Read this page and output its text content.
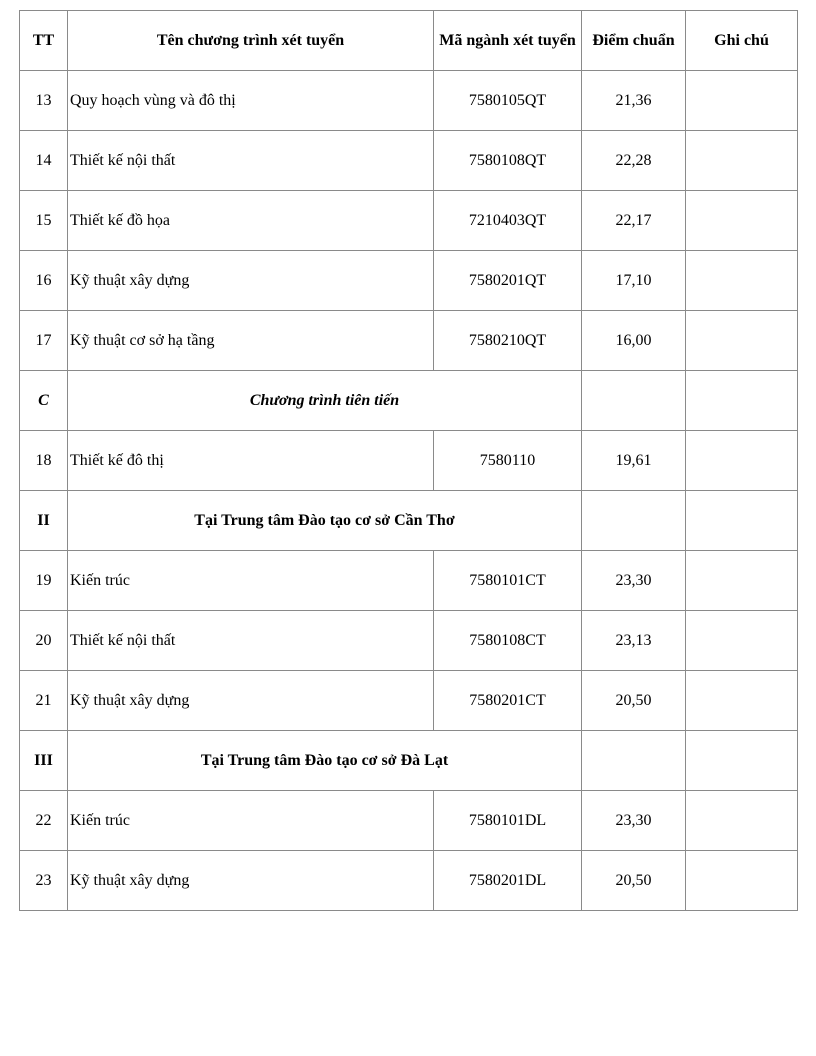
TT	Tên chương trình xét tuyển	Mã ngành xét tuyển	Điểm chuẩn	Ghi chú
13	Quy hoạch vùng và đô thị	7580105QT	21,36	
14	Thiết kế nội thất	7580108QT	22,28	
15	Thiết kế đồ họa	7210403QT	22,17	
16	Kỹ thuật xây dựng	7580201QT	17,10	
17	Kỹ thuật cơ sở hạ tầng	7580210QT	16,00	
C	Chương trình tiên tiến			
18	Thiết kế đô thị	7580110	19,61	
II	Tại Trung tâm Đào tạo cơ sở Cần Thơ			
19	Kiến trúc	7580101CT	23,30	
20	Thiết kế nội thất	7580108CT	23,13	
21	Kỹ thuật xây dựng	7580201CT	20,50	
III	Tại Trung tâm Đào tạo cơ sở Đà Lạt			
22	Kiến trúc	7580101DL	23,30	
23	Kỹ thuật xây dựng	7580201DL	20,50	
